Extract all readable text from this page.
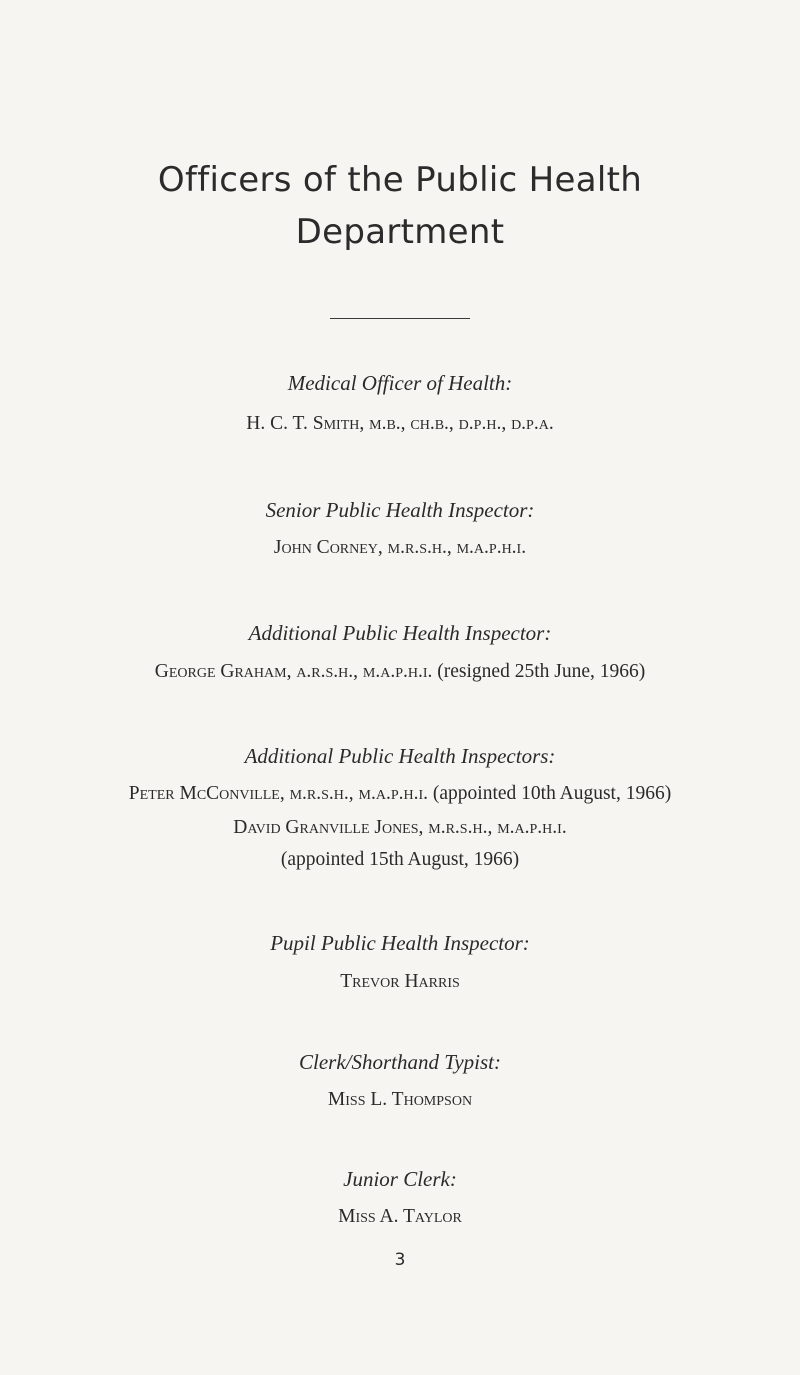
Officers of the Public Health
Department
Medical Officer of Health:
H. C. T. Smith, m.b., ch.b., d.p.h., d.p.a.
Senior Public Health Inspector:
John Corney, m.r.s.h., m.a.p.h.i.
Additional Public Health Inspector:
George Graham, a.r.s.h., m.a.p.h.i. (resigned 25th June, 1966)
Additional Public Health Inspectors:
Peter McConville, m.r.s.h., m.a.p.h.i. (appointed 10th August, 1966)
David Granville Jones, m.r.s.h., m.a.p.h.i.
(appointed 15th August, 1966)
Pupil Public Health Inspector:
Trevor Harris
Clerk/Shorthand Typist:
Miss L. Thompson
Junior Clerk:
Miss A. Taylor
3
